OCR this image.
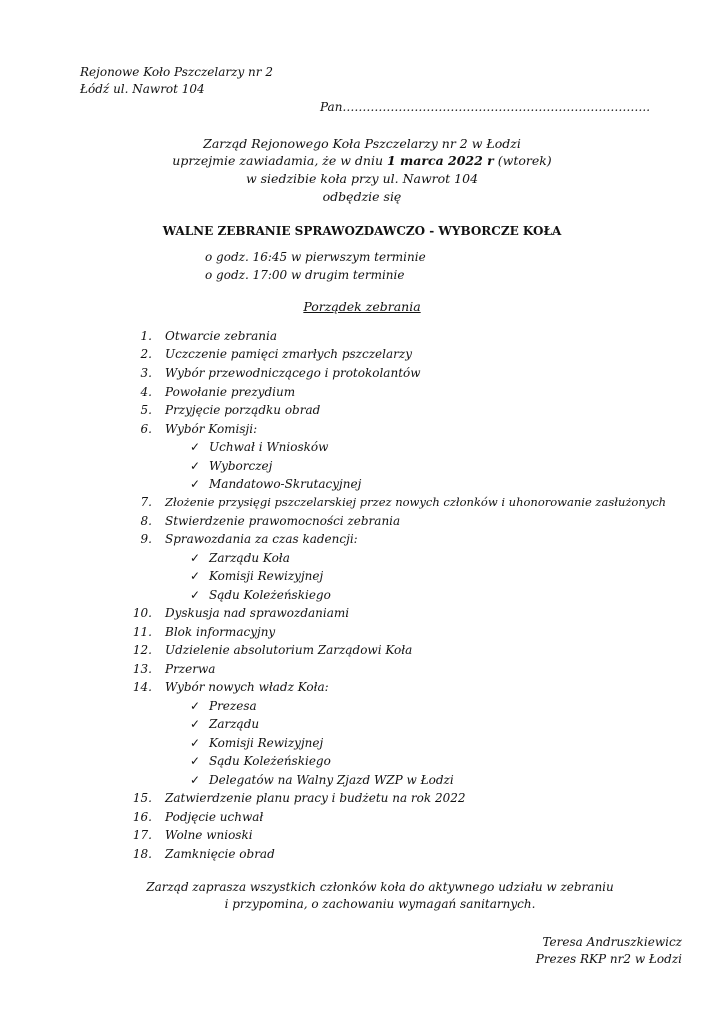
Rejonowe Koło Pszczelarzy nr 2
Łódź ul. Nawrot 104
Pan…………………………………………………………………..
Zarząd Rejonowego Koła Pszczelarzy nr 2 w Łodzi
uprzejmie zawiadamia, że w dniu 1 marca 2022 r (wtorek)
w siedzibie koła przy ul. Nawrot 104
odbędzie się
WALNE ZEBRANIE SPRAWOZDAWCZO - WYBORCZE KOŁA
o godz. 16:45 w pierwszym terminie
o godz. 17:00 w drugim terminie
Porządek zebrania
1. Otwarcie zebrania
2. Uczczenie pamięci zmarłych pszczelarzy
3. Wybór przewodniczącego i protokolantów
4. Powołanie prezydium
5. Przyjęcie porządku obrad
6. Wybór Komisji:
✓ Uchwał i Wniosków
✓ Wyborczej
✓ Mandatowo-Skrutacyjnej
7. Złożenie przysięgi pszczelarskiej przez nowych członków i uhonorowanie zasłużonych
8. Stwierdzenie prawomocności zebrania
9. Sprawozdania za czas kadencji:
✓ Zarządu Koła
✓ Komisji Rewizyjnej
✓ Sądu Koleżeńskiego
10. Dyskusja nad sprawozdaniami
11. Blok informacyjny
12. Udzielenie absolutorium Zarządowi Koła
13. Przerwa
14. Wybór nowych władz Koła:
✓ Prezesa
✓ Zarządu
✓ Komisji Rewizyjnej
✓ Sądu Koleżeńskiego
✓ Delegatów na Walny Zjazd WZP w Łodzi
15. Zatwierdzenie planu pracy i budżetu na rok 2022
16. Podjęcie uchwał
17. Wolne wnioski
18. Zamknięcie obrad
Zarząd zaprasza wszystkich członków koła do aktywnego udziału w zebraniu
i przypomina, o zachowaniu wymagań sanitarnych.
Teresa Andruszkiewicz
Prezes RKP nr2 w Łodzi
